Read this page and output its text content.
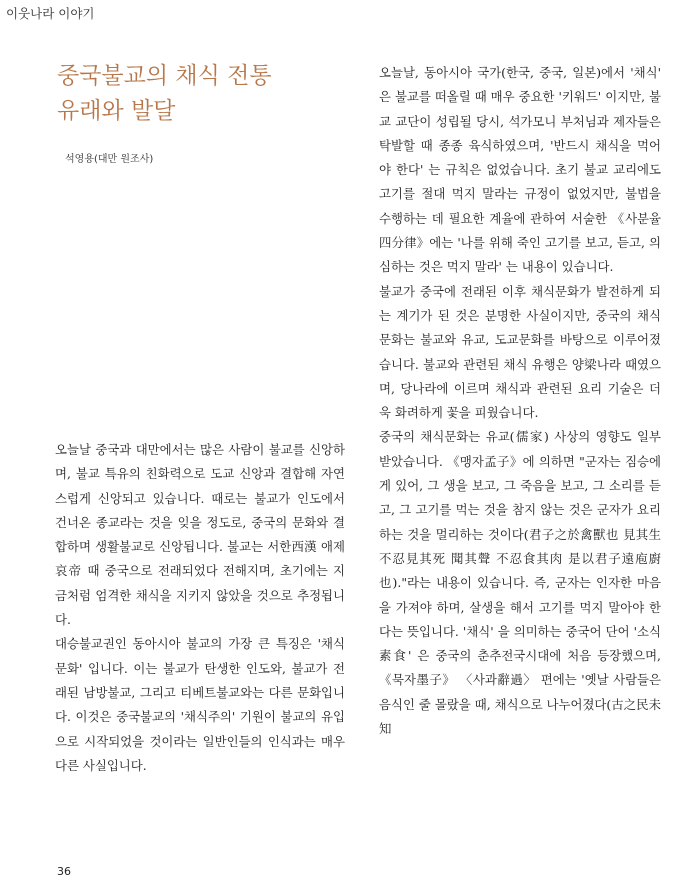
이웃나라 이야기
중국불교의 채식 전통
유래와 발달
석영용(대만 원조사)

오늘날 중국과 대만에서는 많은 사람이 불교를 신앙하며, 불교 특유의 친화력으로 도교 신앙과 결합해 자연스럽게 신앙되고 있습니다. 때로는 불교가 인도에서 건너온 종교라는 것을 잊을 정도로, 중국의 문화와 결합하며 생활불교로 신앙됩니다. 불교는 서한西漢 애제哀帝 때 중국으로 전래되었다 전해지며, 초기에는 지금처럼 엄격한 채식을 지키지 않았을 것으로 추정됩니다.

대승불교권인 동아시아 불교의 가장 큰 특징은 '채식문화' 입니다. 이는 불교가 탄생한 인도와, 불교가 전래된 남방불교, 그리고 티베트불교와는 다른 문화입니다. 이것은 중국불교의 '채식주의' 기원이 불교의 유입으로 시작되었을 것이라는 일반인들의 인식과는 매우 다른 사실입니다.

오늘날, 동아시아 국가(한국, 중국, 일본)에서 '채식' 은 불교를 떠올릴 때 매우 중요한 '키워드' 이지만, 불교 교단이 성립될 당시, 석가모니 부처님과 제자들은 탁발할 때 종종 육식하였으며, '반드시 채식을 먹어야 한다' 는 규칙은 없었습니다. 초기 불교 교리에도 고기를 절대 먹지 말라는 규정이 없었지만, 불법을 수행하는 데 필요한 계율에 관하여 서술한 《사분율四分律》에는 '나를 위해 죽인 고기를 보고, 듣고, 의심하는 것은 먹지 말라' 는 내용이 있습니다.

불교가 중국에 전래된 이후 채식문화가 발전하게 되는 계기가 된 것은 분명한 사실이지만, 중국의 채식문화는 불교와 유교, 도교문화를 바탕으로 이루어졌습니다. 불교와 관련된 채식 유행은 양梁나라 때였으며, 당나라에 이르며 채식과 관련된 요리 기술은 더욱 화려하게 꽃을 피웠습니다.

중국의 채식문화는 유교(儒家) 사상의 영향도 일부 받았습니다. 《맹자孟子》에 의하면 "군자는 짐승에게 있어, 그 생을 보고, 그 죽음을 보고, 그 소리를 듣고, 그 고기를 먹는 것을 참지 않는 것은 군자가 요리하는 것을 멀리하는 것이다(君子之於禽獸也 見其生 不忍見其死 聞其聲 不忍食其肉 是以君子遠庖廚也)."라는 내용이 있습니다. 즉, 군자는 인자한 마음을 가져야 하며, 살생을 해서 고기를 먹지 말아야 한다는 뜻입니다. '채식' 을 의미하는 중국어 단어 '소식素食' 은 중국의 춘추전국시대에 처음 등장했으며, 《묵자墨子》 〈사과辭過〉 편에는 '옛날 사람들은 음식인 줄 몰랐을 때, 채식으로 나누어졌다(古之民未知

36
